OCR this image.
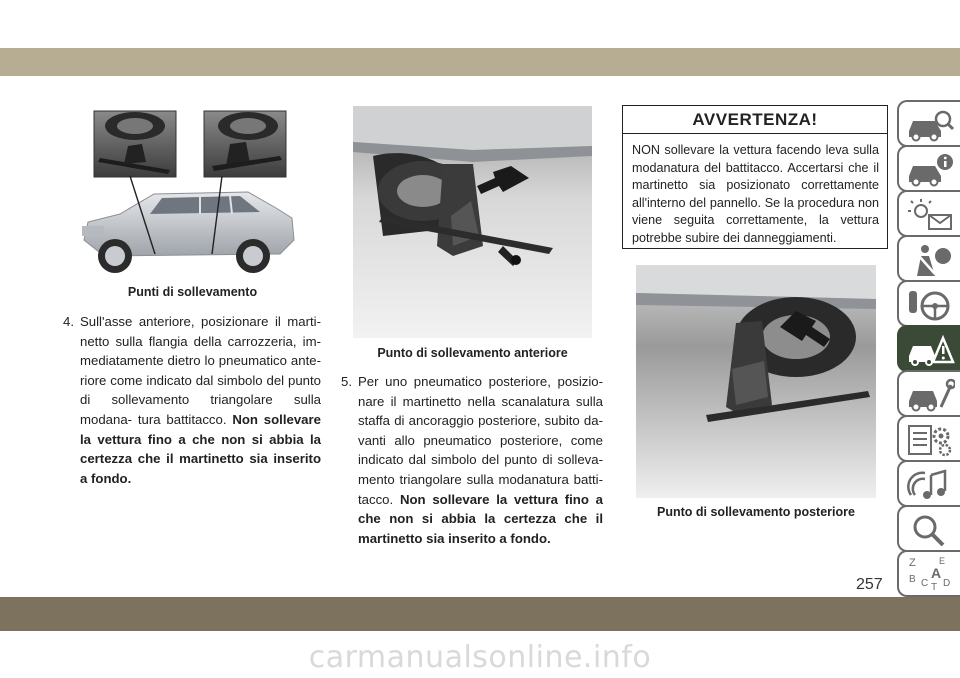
Punti di sollevamento
4. Sull'asse anteriore, posizionare il marti- netto sulla flangia della carrozzeria, im- mediatamente dietro lo pneumatico ante- riore come indicato dal simbolo del punto di sollevamento triangolare sulla modana- tura battitacco. Non sollevare la vettura fino a che non si abbia la certezza che il martinetto sia inserito a fondo.
Punto di sollevamento anteriore
5. Per uno pneumatico posteriore, posizio- nare il martinetto nella scanalatura sulla staffa di ancoraggio posteriore, subito da- vanti allo pneumatico posteriore, come indicato dal simbolo del punto di solleva- mento triangolare sulla modanatura batti- tacco. Non sollevare la vettura fino a che non si abbia la certezza che il martinetto sia inserito a fondo.
AVVERTENZA!
NON sollevare la vettura facendo leva sulla modanatura del battitacco. Accertarsi che il martinetto sia posizionato correttamente all'interno del pannello. Se la procedura non viene seguita correttamente, la vettura potrebbe subire dei danneggiamenti.
Punto di sollevamento posteriore
Z	E
A
B C T D
257
carmanualsonline.info
